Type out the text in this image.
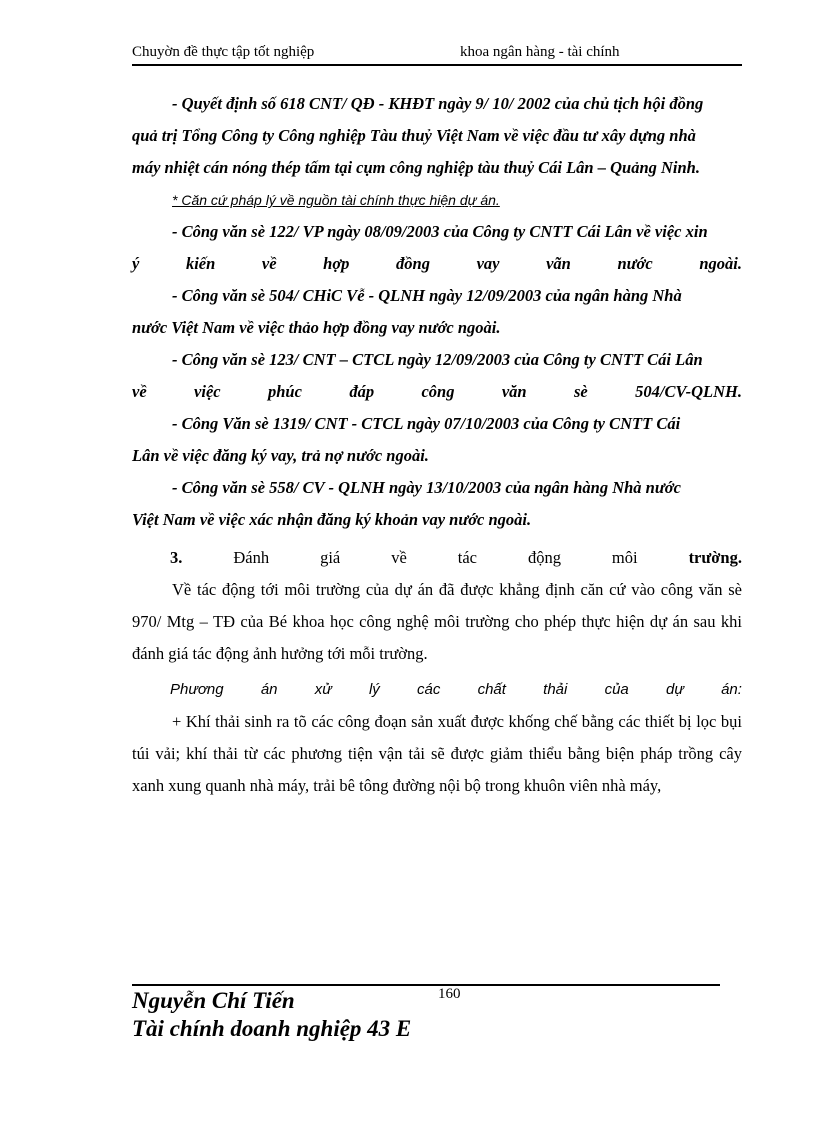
Chuyờn đề thực tập tốt nghiệp	khoa ngân hàng - tài chính

- Quyết định số 618 CNT/ QĐ - KHĐT ngày 9/ 10/ 2002 của chủ tịch hội đồng

quả trị Tổng Công ty Công nghiệp Tàu thuỷ Việt Nam về việc đầu tư xây dựng nhà

máy nhiệt cán nóng thép tấm tại cụm công nghiệp tàu thuỷ Cái Lân – Quảng Ninh.

* Căn cứ pháp lý về nguồn tài chính thực hiện dự án.

- Công văn sè 122/ VP ngày 08/09/2003 của Công ty CNTT Cái Lân về việc xin

ý	kiến	về	hợp	đồng	vay	vãn	nước	ngoài.

- Công văn sè 504/ CHiC Vễ - QLNH ngày 12/09/2003 của ngân hàng Nhà

nước Việt Nam về việc thảo hợp đồng vay nước ngoài.

- Công văn sè 123/ CNT – CTCL ngày 12/09/2003 của Công ty CNTT Cái Lân

về	việc	phúc	đáp	công	văn	sè	504/CV-QLNH.

- Công Văn sè 1319/ CNT - CTCL ngày 07/10/2003 của Công ty CNTT Cái

Lân về việc đăng ký vay, trả nợ nước ngoài.

- Công văn sè 558/ CV - QLNH ngày 13/10/2003 của ngân hàng Nhà nước

Việt Nam về việc xác nhận đăng ký khoản vay nước ngoài.

3.	Đánh	giá	về	tác	động	môi	trường.

Về tác động tới môi trường của dự án đã được khẳng định căn cứ vào công văn sè 970/ Mtg – TĐ của Bé khoa học công nghệ môi trường cho phép thực hiện dự án sau khi đánh giá tác động ảnh hưởng tới mỗi trường.

Phương án xử lý các chất thải của dự án:

+ Khí thải sinh ra tõ các công đoạn sản xuất được khống chế bằng các thiết bị lọc bụi túi vải; khí thải từ các phương tiện vận tải sẽ được giảm thiểu bằng biện pháp trồng cây xanh xung quanh nhà máy, trải bê tông đường nội bộ trong khuôn viên nhà máy,

160
Nguyễn Chí Tiến
Tài chính doanh nghiệp 43 E
